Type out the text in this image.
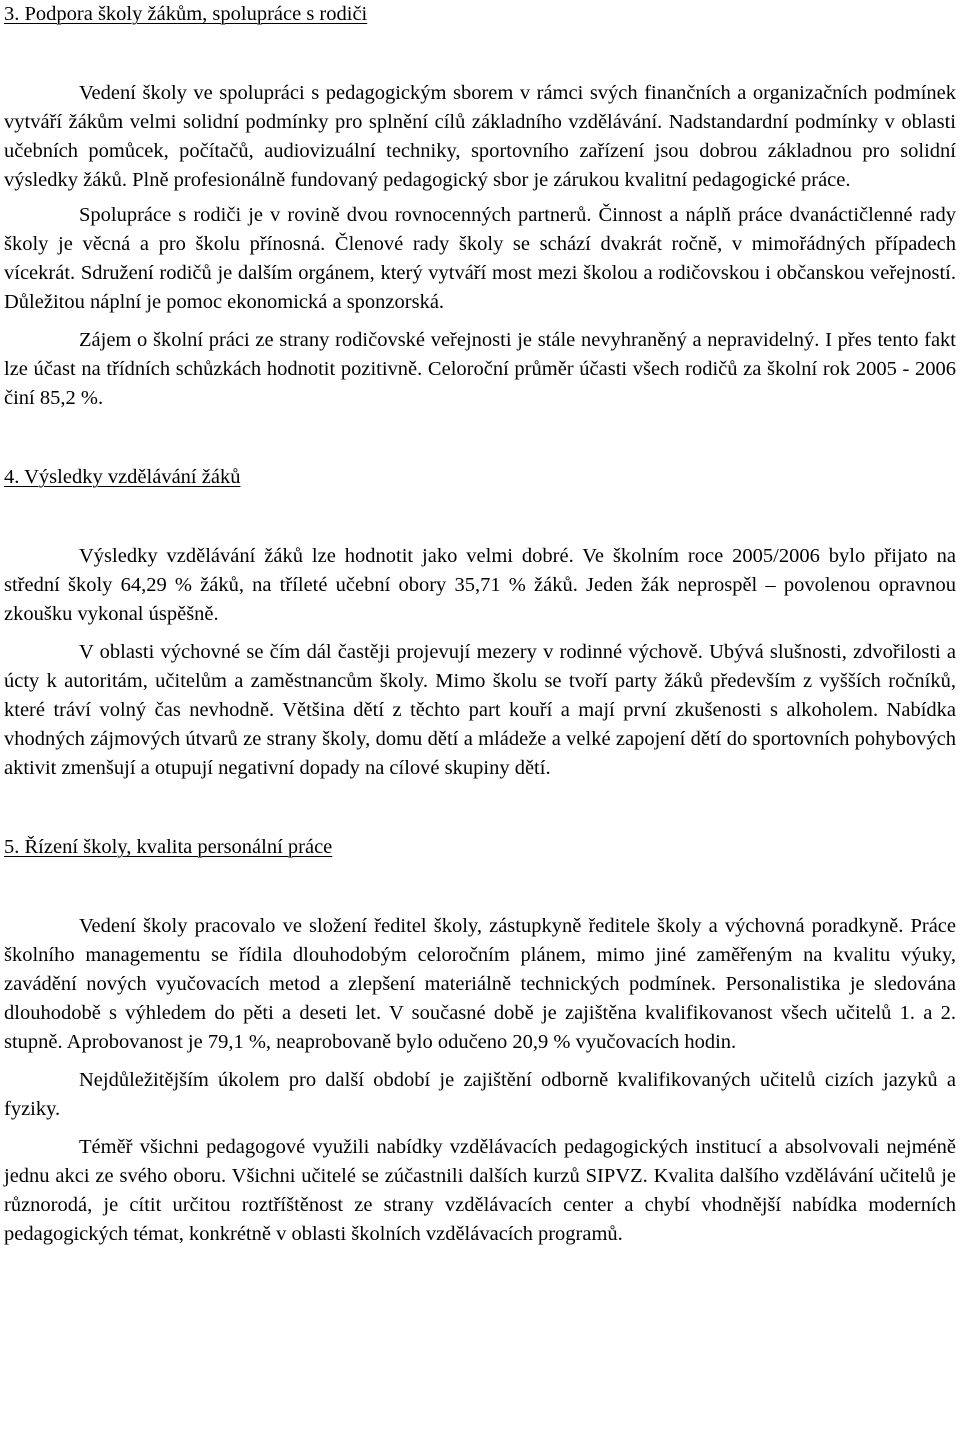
3. Podpora školy žákům, spolupráce s rodiči

Vedení školy ve spolupráci s pedagogickým sborem v rámci svých finančních a organizačních podmínek vytváří žákům velmi solidní podmínky pro splnění cílů základního vzdělávání. Nadstandardní podmínky v oblasti učebních pomůcek, počítačů, audiovizuální techniky, sportovního zařízení jsou dobrou základnou pro solidní výsledky žáků. Plně profesionálně fundovaný pedagogický sbor je zárukou kvalitní pedagogické práce.

Spolupráce s rodiči je v rovině dvou rovnocenných partnerů. Činnost a náplň práce dvanáctičlenné rady školy je věcná a pro školu přínosná. Členové rady školy se schází dvakrát ročně, v mimořádných případech vícekrát. Sdružení rodičů je dalším orgánem, který vytváří most mezi školou a rodičovskou i občanskou veřejností. Důležitou náplní je pomoc ekonomická a sponzorská.

Zájem o školní práci ze strany rodičovské veřejnosti je stále nevyhraněný a nepravidelný. I přes tento fakt lze účast na třídních schůzkách hodnotit pozitivně. Celoroční průměr účasti všech rodičů za školní rok 2005 - 2006 činí 85,2 %.

4. Výsledky vzdělávání žáků

Výsledky vzdělávání žáků lze hodnotit jako velmi dobré. Ve školním roce 2005/2006 bylo přijato na střední školy 64,29 % žáků, na tříleté učební obory 35,71 % žáků. Jeden žák neprospěl – povolenou opravnou zkoušku vykonal úspěšně.

V oblasti výchovné se čím dál častěji projevují mezery v rodinné výchově. Ubývá slušnosti, zdvořilosti a úcty k autoritám, učitelům a zaměstnancům školy. Mimo školu se tvoří party žáků především z vyšších ročníků, které tráví volný čas nevhodně. Většina dětí z těchto part kouří a mají první zkušenosti s alkoholem. Nabídka vhodných zájmových útvarů ze strany školy, domu dětí a mládeže a velké zapojení dětí do sportovních pohybových aktivit zmenšují a otupují negativní dopady na cílové skupiny dětí.

5. Řízení školy, kvalita personální práce

Vedení školy pracovalo ve složení ředitel školy, zástupkyně ředitele školy a výchovná poradkyně. Práce školního managementu se řídila dlouhodobým celoročním plánem, mimo jiné zaměřeným na kvalitu výuky, zavádění nových vyučovacích metod a zlepšení materiálně technických podmínek. Personalistika je sledována dlouhodobě s výhledem do pěti a deseti let. V současné době je zajištěna kvalifikovanost všech učitelů 1. a 2. stupně. Aprobovanost je 79,1 %, neaprobovaně bylo odučeno 20,9 % vyučovacích hodin.

Nejdůležitějším úkolem pro další období je zajištění odborně kvalifikovaných učitelů cizích jazyků a fyziky.

Téměř všichni pedagogové využili nabídky vzdělávacích pedagogických institucí a absolvovali nejméně jednu akci ze svého oboru. Všichni učitelé se zúčastnili dalších kurzů SIPVZ. Kvalita dalšího vzdělávání učitelů je různorodá, je cítit určitou roztříštěnost ze strany vzdělávacích center a chybí vhodnější nabídka moderních pedagogických témat, konkrétně v oblasti školních vzdělávacích programů.
